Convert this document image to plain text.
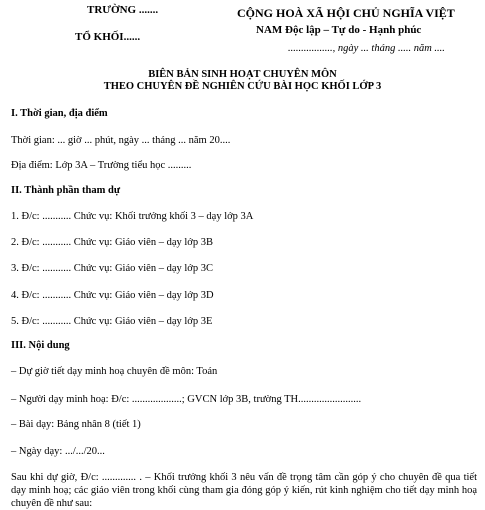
TRƯỜNG .......
TỔ KHỐI......
CỘNG HOÀ XÃ HỘI CHỦ NGHĨA VIỆT
NAM Độc lập – Tự do - Hạnh phúc
................., ngày ... tháng ..... năm ....
BIÊN BẢN SINH HOẠT CHUYÊN MÔN
THEO CHUYÊN ĐỀ NGHIÊN CỨU BÀI HỌC KHỐI LỚP 3
I. Thời gian, địa điểm
Thời gian: ... giờ ... phút, ngày ... tháng ... năm 20....
Địa điểm: Lớp 3A – Trường tiểu học .........
II. Thành phần tham dự
1. Đ/c: ........... Chức vụ: Khối trưởng khối 3 – dạy lớp 3A
2. Đ/c: ........... Chức vụ: Giáo viên – dạy lớp 3B
3. Đ/c: ........... Chức vụ: Giáo viên – dạy lớp 3C
4. Đ/c: ........... Chức vụ: Giáo viên – dạy lớp 3D
5. Đ/c: ........... Chức vụ: Giáo viên – dạy lớp 3E
III. Nội dung
– Dự giờ tiết dạy minh hoạ chuyên đề môn: Toán
– Người dạy minh hoạ: Đ/c: ...................; GVCN lớp 3B, trường TH........................
– Bài dạy: Bảng nhân 8 (tiết 1)
– Ngày dạy: .../.../20...
Sau khi dự giờ, Đ/c: ............. . – Khối trưởng khối 3 nêu vấn đề trọng tâm cần góp ý cho chuyên đề qua tiết dạy minh hoạ; các giáo viên trong khối cùng tham gia đóng góp ý kiến, rút kinh nghiệm cho tiết dạy minh hoạ chuyên đề như sau:
